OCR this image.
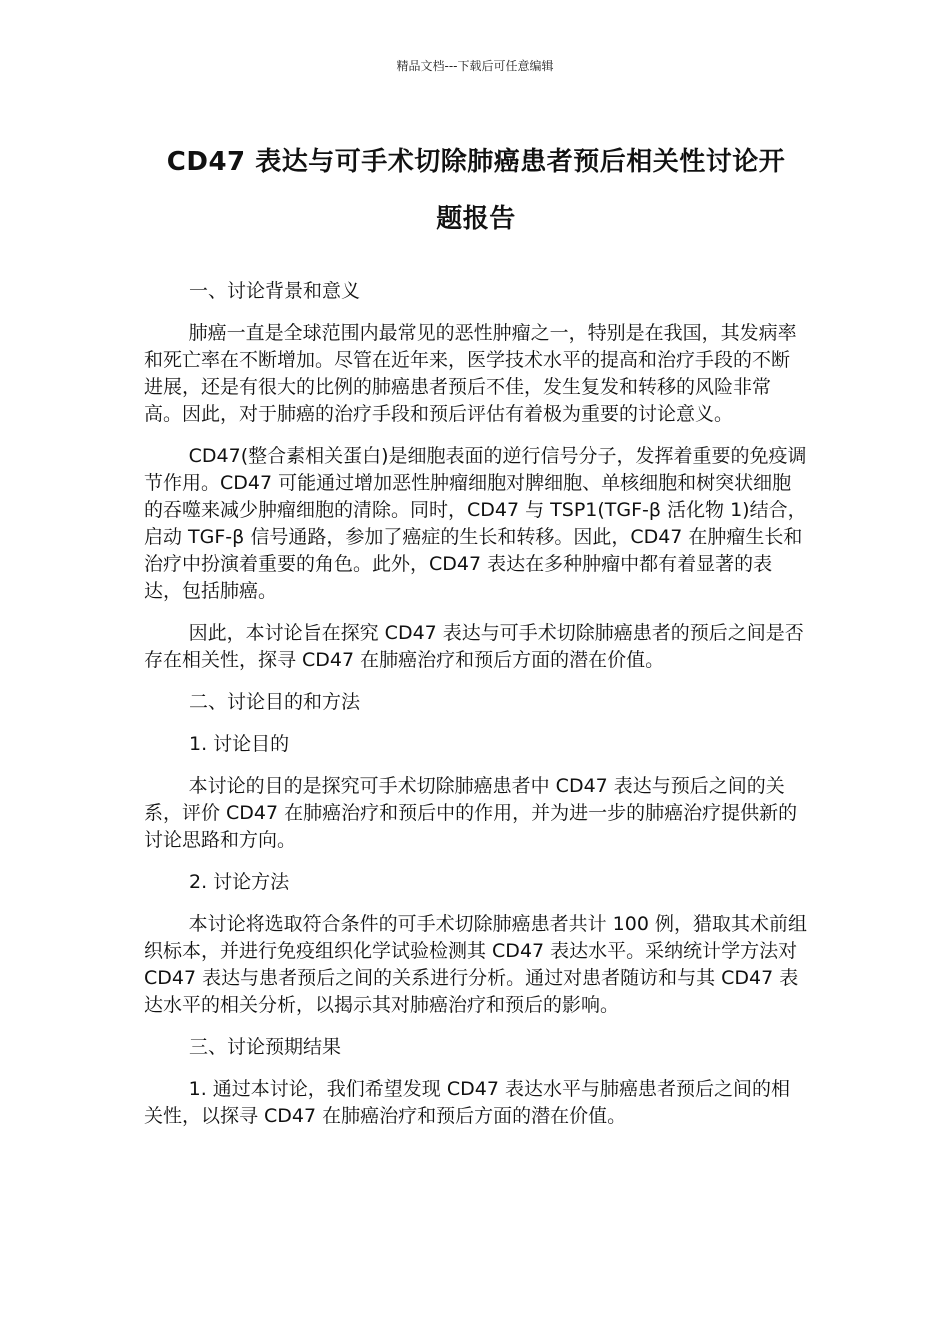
精品文档---下载后可任意编辑
CD47 表达与可手术切除肺癌患者预后相关性讨论开
题报告
一、讨论背景和意义

肺癌一直是全球范围内最常见的恶性肿瘤之一，特别是在我国，其发病率和死亡率在不断增加。尽管在近年来，医学技术水平的提高和治疗手段的不断进展，还是有很大的比例的肺癌患者预后不佳，发生复发和转移的风险非常高。因此，对于肺癌的治疗手段和预后评估有着极为重要的讨论意义。

CD47(整合素相关蛋白)是细胞表面的逆行信号分子，发挥着重要的免疫调节作用。CD47 可能通过增加恶性肿瘤细胞对脾细胞、单核细胞和树突状细胞的吞噬来减少肿瘤细胞的清除。同时，CD47 与 TSP1(TGF-β 活化物 1)结合，启动 TGF-β 信号通路，参加了癌症的生长和转移。因此，CD47 在肿瘤生长和治疗中扮演着重要的角色。此外，CD47 表达在多种肿瘤中都有着显著的表达，包括肺癌。

因此，本讨论旨在探究 CD47 表达与可手术切除肺癌患者的预后之间是否存在相关性，探寻 CD47 在肺癌治疗和预后方面的潜在价值。

二、讨论目的和方法
1. 讨论目的

本讨论的目的是探究可手术切除肺癌患者中 CD47 表达与预后之间的关系，评价 CD47 在肺癌治疗和预后中的作用，并为进一步的肺癌治疗提供新的讨论思路和方向。

2. 讨论方法

本讨论将选取符合条件的可手术切除肺癌患者共计 100 例，猎取其术前组织标本，并进行免疫组织化学试验检测其 CD47 表达水平。采纳统计学方法对 CD47 表达与患者预后之间的关系进行分析。通过对患者随访和与其 CD47 表达水平的相关分析，以揭示其对肺癌治疗和预后的影响。

三、讨论预期结果

1. 通过本讨论，我们希望发现 CD47 表达水平与肺癌患者预后之间的相关性，以探寻 CD47 在肺癌治疗和预后方面的潜在价值。
